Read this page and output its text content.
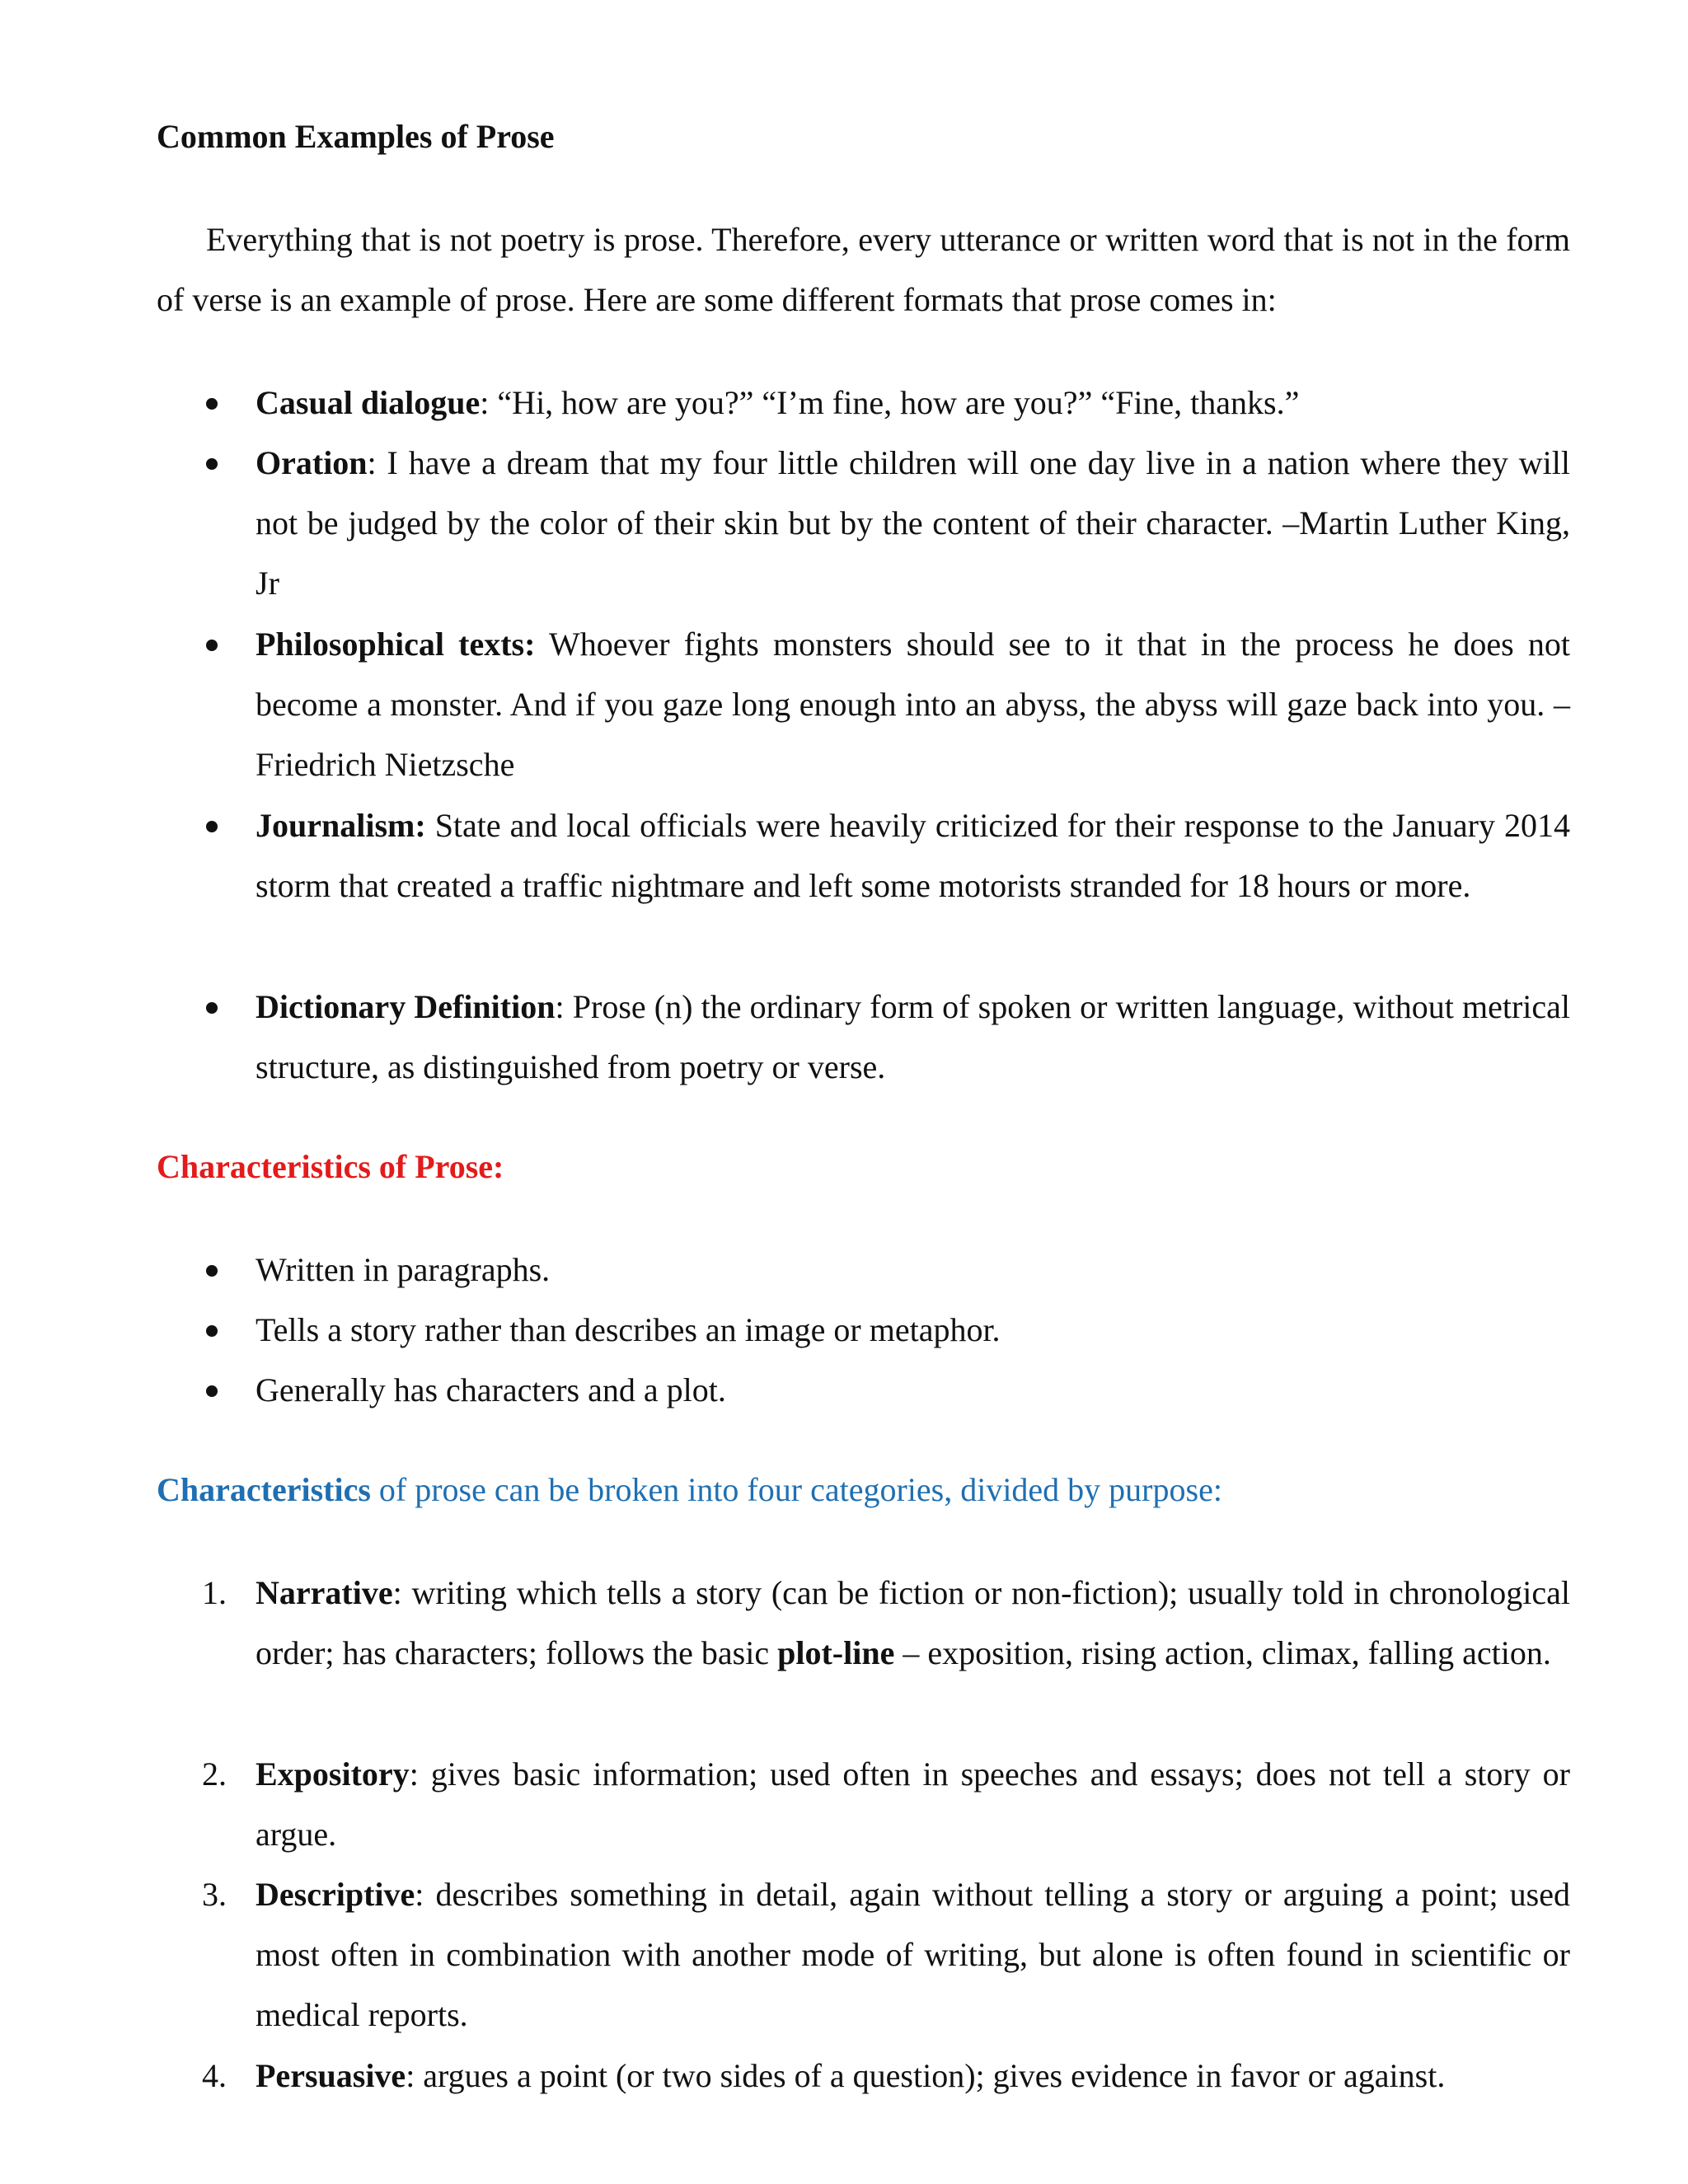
Common Examples of Prose
Everything that is not poetry is prose. Therefore, every utterance or written word that is not in the form of verse is an example of prose. Here are some different formats that prose comes in:
Casual dialogue: “Hi, how are you?” “I’m fine, how are you?” “Fine, thanks.”
Oration: I have a dream that my four little children will one day live in a nation where they will not be judged by the color of their skin but by the content of their character. –Martin Luther King, Jr
Philosophical texts: Whoever fights monsters should see to it that in the process he does not become a monster. And if you gaze long enough into an abyss, the abyss will gaze back into you. –Friedrich Nietzsche
Journalism: State and local officials were heavily criticized for their response to the January 2014 storm that created a traffic nightmare and left some motorists stranded for 18 hours or more.
Dictionary Definition: Prose (n) the ordinary form of spoken or written language, without metrical structure, as distinguished from poetry or verse.
Characteristics of Prose:
Written in paragraphs.
Tells a story rather than describes an image or metaphor.
Generally has characters and a plot.
Characteristics of prose can be broken into four categories, divided by purpose:
1. Narrative: writing which tells a story (can be fiction or non-fiction); usually told in chronological order; has characters; follows the basic plot-line – exposition, rising action, climax, falling action.
2. Expository: gives basic information; used often in speeches and essays; does not tell a story or argue.
3. Descriptive: describes something in detail, again without telling a story or arguing a point; used most often in combination with another mode of writing, but alone is often found in scientific or medical reports.
4. Persuasive: argues a point (or two sides of a question); gives evidence in favor or against.
